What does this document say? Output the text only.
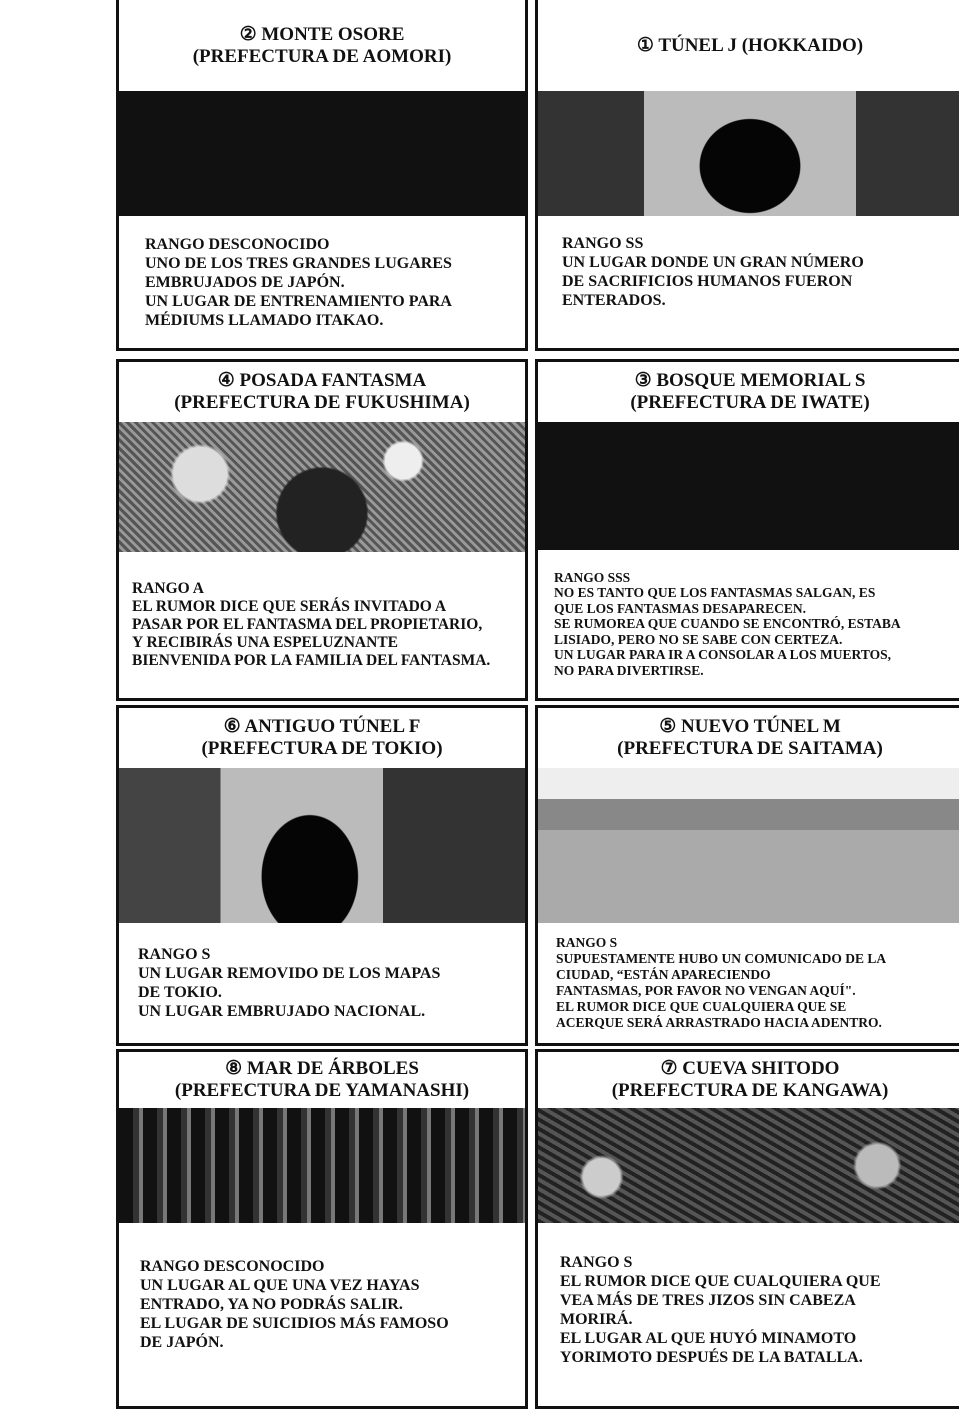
② MONTE OSORE
(PREFECTURA DE AOMORI)
RANGO DESCONOCIDO
UNO DE LOS TRES GRANDES LUGARES
EMBRUJADOS DE JAPÓN.
UN LUGAR DE ENTRENAMIENTO PARA
MÉDIUMS LLAMADO ITAKAO.
① TÚNEL J (HOKKAIDO)
RANGO SS
UN LUGAR DONDE UN GRAN NÚMERO
DE SACRIFICIOS HUMANOS FUERON
ENTERADOS.
④ POSADA FANTASMA
(PREFECTURA DE FUKUSHIMA)
RANGO A
EL RUMOR DICE QUE SERÁS INVITADO A
PASAR POR EL FANTASMA DEL PROPIETARIO,
Y RECIBIRÁS UNA ESPELUZNANTE
BIENVENIDA POR LA FAMILIA DEL FANTASMA.
③ BOSQUE MEMORIAL S
(PREFECTURA DE IWATE)
RANGO SSS
NO ES TANTO QUE LOS FANTASMAS SALGAN, ES
QUE LOS FANTASMAS DESAPARECEN.
SE RUMOREA QUE CUANDO SE ENCONTRÓ, ESTABA
LISIADO, PERO NO SE SABE CON CERTEZA.
UN LUGAR PARA IR A CONSOLAR A LOS MUERTOS,
NO PARA DIVERTIRSE.
⑥ ANTIGUO TÚNEL F
(PREFECTURA DE TOKIO)
RANGO S
UN LUGAR REMOVIDO DE LOS MAPAS
DE TOKIO.
UN LUGAR EMBRUJADO NACIONAL.
⑤ NUEVO TÚNEL M
(PREFECTURA DE SAITAMA)
RANGO S
SUPUESTAMENTE HUBO UN COMUNICADO DE LA
CIUDAD, “ESTÁN APARECIENDO
FANTASMAS, POR FAVOR NO VENGAN AQUÍ".
EL RUMOR DICE QUE CUALQUIERA QUE SE
ACERQUE SERÁ ARRASTRADO HACIA ADENTRO.
⑧ MAR DE ÁRBOLES
(PREFECTURA DE YAMANASHI)
RANGO DESCONOCIDO
UN LUGAR AL QUE UNA VEZ HAYAS
ENTRADO, YA NO PODRÁS SALIR.
EL LUGAR DE SUICIDIOS MÁS FAMOSO
DE JAPÓN.
⑦ CUEVA SHITODO
(PREFECTURA DE KANGAWA)
RANGO S
EL RUMOR DICE QUE CUALQUIERA QUE
VEA MÁS DE TRES JIZOS SIN CABEZA
MORIRÁ.
EL LUGAR AL QUE HUYÓ MINAMOTO
YORIMOTO DESPUÉS DE LA BATALLA.
